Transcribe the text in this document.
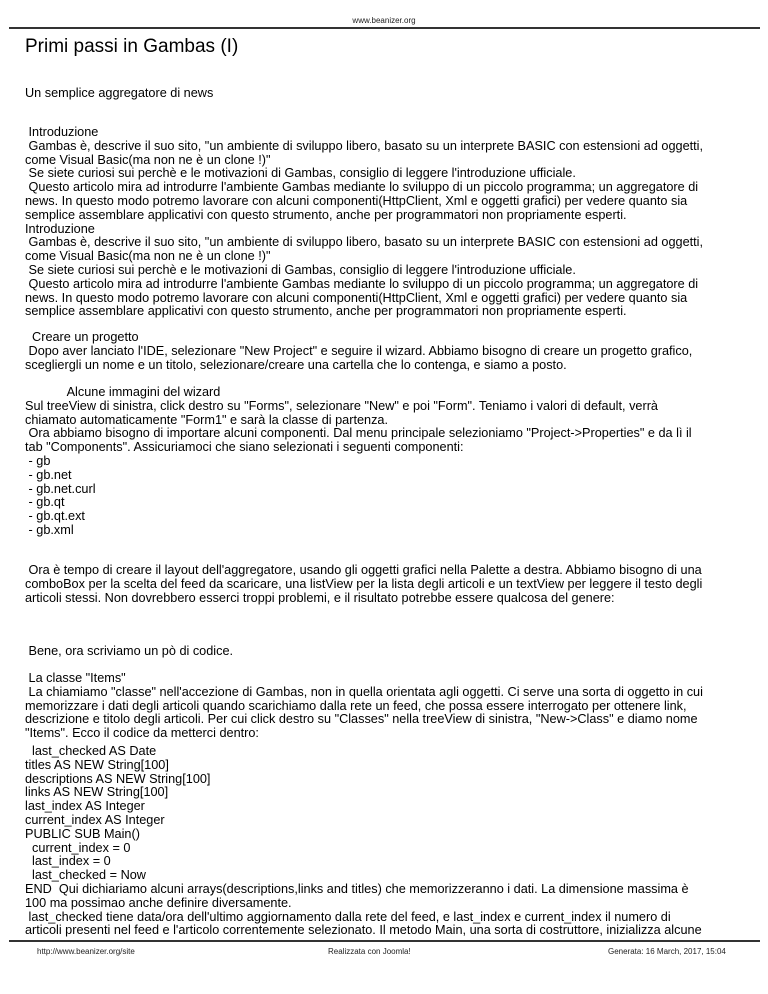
www.beanizer.org
Primi passi in Gambas (I)
Un semplice aggregatore di news
Introduzione
Gambas è, descrive il suo sito, "un ambiente di sviluppo libero, basato su un interprete BASIC con estensioni ad oggetti,
come Visual Basic(ma non ne è un clone !)"
Se siete curiosi sui perchè e le motivazioni di Gambas, consiglio di leggere l'introduzione ufficiale.
Questo articolo mira ad introdurre l'ambiente Gambas mediante lo sviluppo di un piccolo programma; un aggregatore di
news. In questo modo potremo lavorare con alcuni componenti(HttpClient, Xml e oggetti grafici) per vedere quanto sia
semplice assemblare applicativi con questo strumento, anche per programmatori non propriamente esperti.
Introduzione
Gambas è, descrive il suo sito, "un ambiente di sviluppo libero, basato su un interprete BASIC con estensioni ad oggetti,
come Visual Basic(ma non ne è un clone !)"
Se siete curiosi sui perchè e le motivazioni di Gambas, consiglio di leggere l'introduzione ufficiale.
Questo articolo mira ad introdurre l'ambiente Gambas mediante lo sviluppo di un piccolo programma; un aggregatore di
news. In questo modo potremo lavorare con alcuni componenti(HttpClient, Xml e oggetti grafici) per vedere quanto sia
semplice assemblare applicativi con questo strumento, anche per programmatori non propriamente esperti.
Creare un progetto
Dopo aver lanciato l'IDE, selezionare "New Project" e seguire il wizard. Abbiamo bisogno di creare un progetto grafico,
scegliergli un nome e un titolo, selezionare/creare una cartella che lo contenga, e siamo a posto.
Alcune immagini del wizard
Sul treeView di sinistra, click destro su "Forms", selezionare "New" e poi "Form". Teniamo i valori di default, verrà
chiamato automaticamente "Form1" e sarà la classe di partenza.
Ora abbiamo bisogno di importare alcuni componenti. Dal menu principale selezioniamo "Project->Properties" e da lì il
tab "Components". Assicuriamoci che siano selezionati i seguenti componenti:
- gb
- gb.net
- gb.net.curl
- gb.qt
- gb.qt.ext
- gb.xml
Ora è tempo di creare il layout dell'aggregatore, usando gli oggetti grafici nella Palette a destra. Abbiamo bisogno di una
comboBox per la scelta del feed da scaricare, una listView per la lista degli articoli e un textView per leggere il testo degli
articoli stessi. Non dovrebbero esserci troppi problemi, e il risultato potrebbe essere qualcosa del genere:
Bene, ora scriviamo un pò di codice.
La classe "Items"
La chiamiamo "classe" nell'accezione di Gambas, non in quella orientata agli oggetti. Ci serve una sorta di oggetto in cui
memorizzare i dati degli articoli quando scarichiamo dalla rete un feed, che possa essere interrogato per ottenere link,
descrizione e titolo degli articoli. Per cui click destro su "Classes" nella treeView di sinistra, "New->Class" e diamo nome
"Items". Ecco il codice da metterci dentro:
last_checked AS Date
titles AS NEW String[100]
descriptions AS NEW String[100]
links AS NEW String[100]
last_index AS Integer
current_index AS Integer
PUBLIC SUB Main()
current_index = 0
last_index = 0
last_checked = Now
END  Qui dichiariamo alcuni arrays(descriptions,links and titles) che memorizzeranno i dati. La dimensione massima è
100 ma possimao anche definire diversamente.
last_checked tiene data/ora dell'ultimo aggiornamento dalla rete del feed, e last_index e current_index il numero di
articoli presenti nel feed e l'articolo correntemente selezionato. Il metodo Main, una sorta di costruttore, inizializza alcune
http://www.beanizer.org/site	Realizzata con Joomla!	Generata: 16 March, 2017, 15:04
